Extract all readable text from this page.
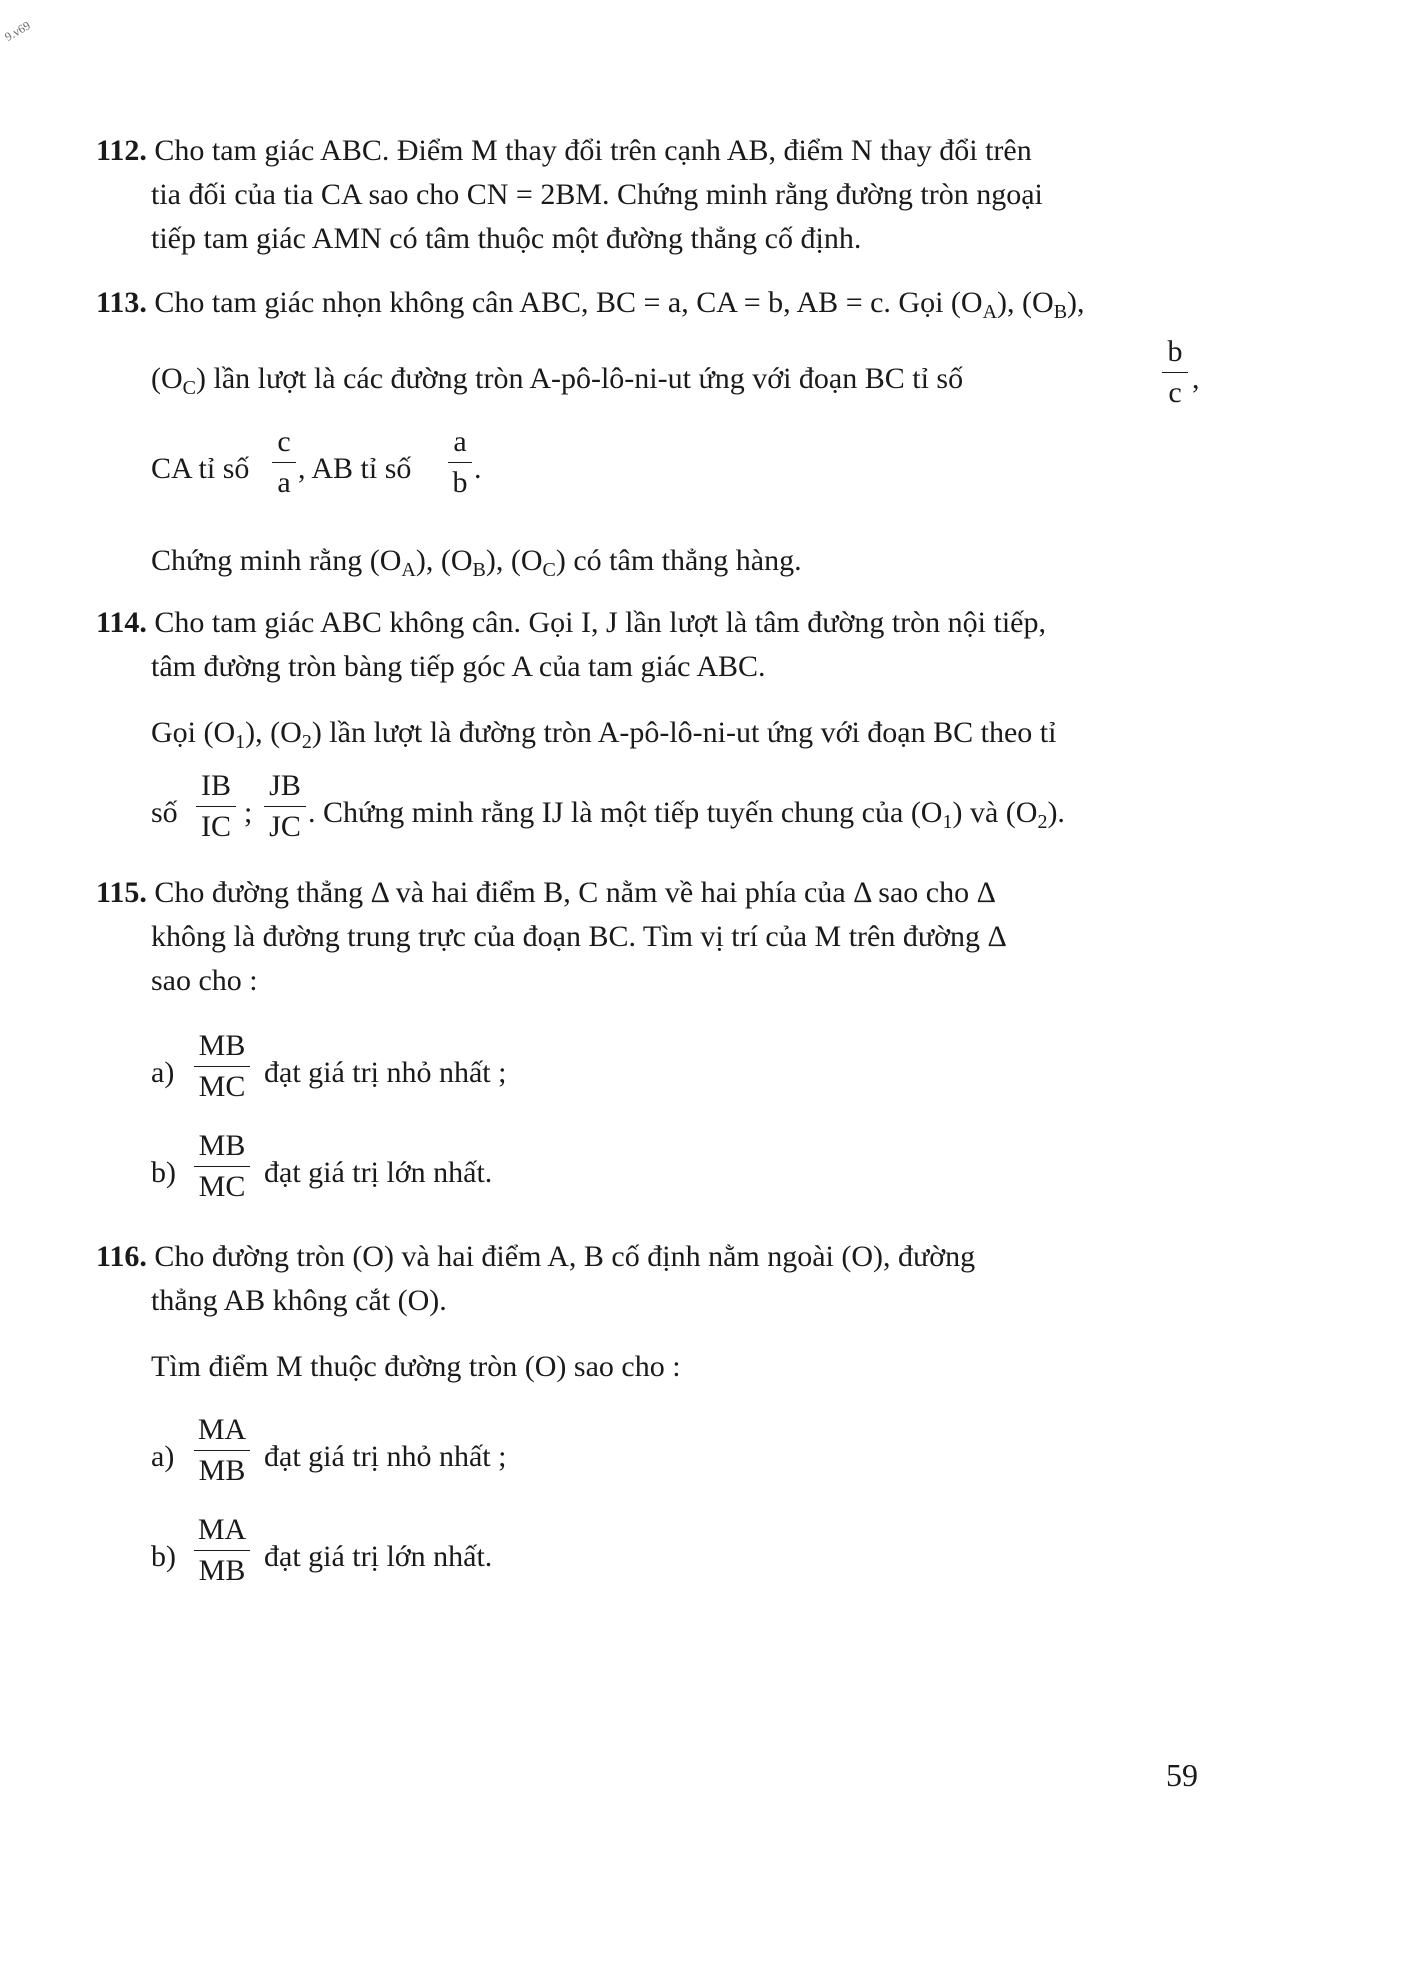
9.v69
112. Cho tam giác ABC. Điểm M thay đổi trên cạnh AB, điểm N thay đổi trên
tia đối của tia CA sao cho CN = 2BM. Chứng minh rằng đường tròn ngoại
tiếp tam giác AMN có tâm thuộc một đường thẳng cố định.
113. Cho tam giác nhọn không cân ABC, BC = a, CA = b, AB = c. Gọi $(O_A)$, $(O_B)$,
$(O_C)$ lần lượt là các đường tròn A-pô-lô-ni-ut ứng với đoạn BC tỉ số
b
c ,
CA tỉ số
c
a , AB tỉ số
a
b .
Chứng minh rằng $(O_A)$, $(O_B)$, $(O_C)$ có tâm thẳng hàng.
114. Cho tam giác ABC không cân. Gọi I, J lần lượt là tâm đường tròn nội tiếp,
tâm đường tròn bàng tiếp góc A của tam giác ABC.
Gọi $(O_1)$, $(O_2)$ lần lượt là đường tròn A-pô-lô-ni-ut ứng với đoạn BC theo tỉ
số
IB
IC ;
JB
JC . Chứng minh rằng IJ là một tiếp tuyến chung của $(O_1)$ và $(O_2)$.
115. Cho đường thẳng Δ và hai điểm B, C nằm về hai phía của Δ sao cho Δ
không là đường trung trực của đoạn BC. Tìm vị trí của M trên đường Δ
sao cho :
a)
MB
MC đạt giá trị nhỏ nhất ;
b)
MB
MC đạt giá trị lớn nhất.
116. Cho đường tròn (O) và hai điểm A, B cố định nằm ngoài (O), đường
thẳng AB không cắt (O).
Tìm điểm M thuộc đường tròn (O) sao cho :
a)
MA
MB đạt giá trị nhỏ nhất ;
b)
MA
MB đạt giá trị lớn nhất.
59
